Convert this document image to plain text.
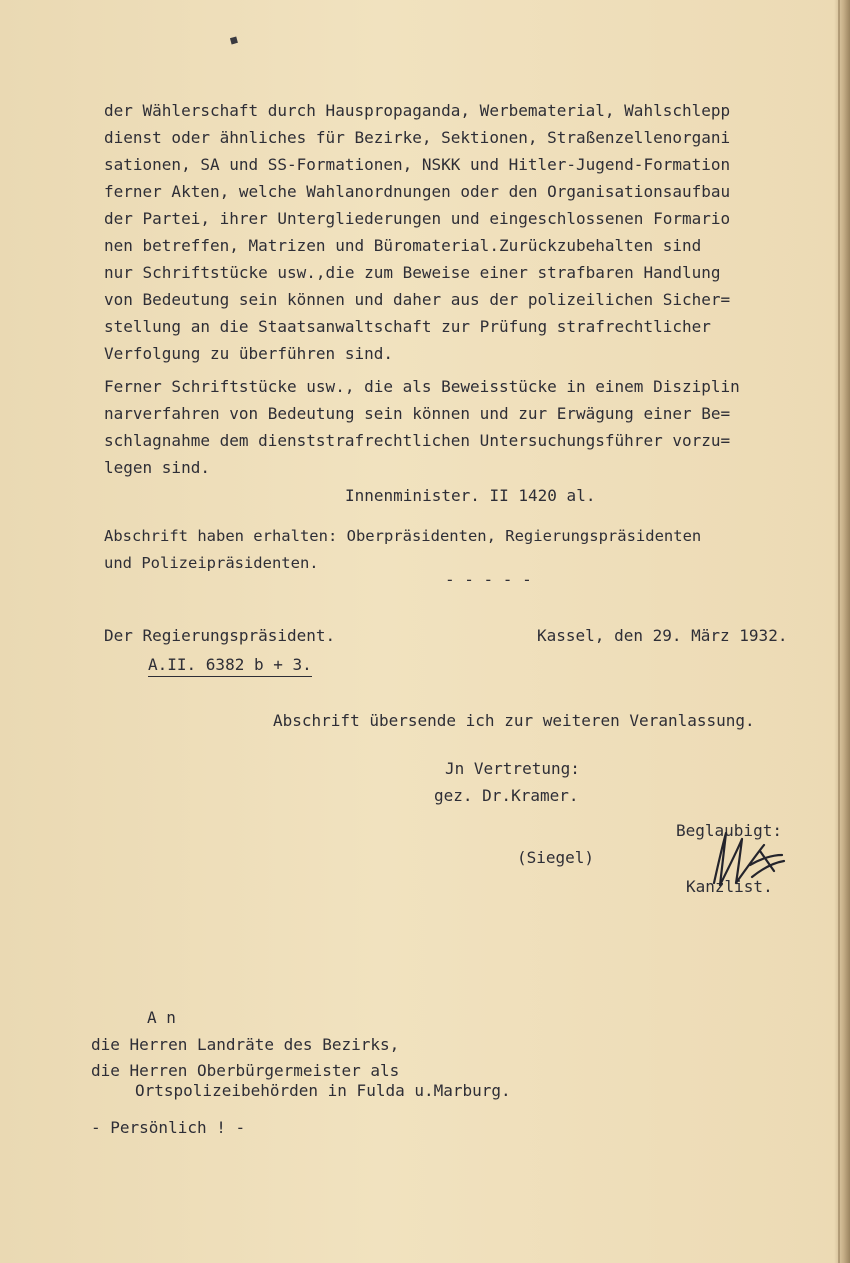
◆
der Wählerschaft durch Hauspropaganda, Werbematerial, Wahlschlepp
dienst oder ähnliches für Bezirke, Sektionen, Straßenzellenorgani
sationen, SA und SS-Formationen, NSKK und Hitler-Jugend-Formation
ferner Akten, welche Wahlanordnungen oder den Organisationsaufbau
der Partei, ihrer Untergliederungen und eingeschlossenen Formario
nen betreffen, Matrizen und Büromaterial.Zurückzubehalten sind
nur Schriftstücke usw.,die zum Beweise einer strafbaren Handlung
von Bedeutung sein können und daher aus der polizeilichen Sicher=
stellung an die Staatsanwaltschaft zur Prüfung strafrechtlicher
Verfolgung zu überführen sind.
Ferner Schriftstücke usw., die als Beweisstücke in einem Disziplin
narverfahren von Bedeutung sein können und zur Erwägung einer Be=
schlagnahme dem dienststrafrechtlichen Untersuchungsführer vorzu=
legen sind.
Innenminister. II 1420 al.
Abschrift haben erhalten: Oberpräsidenten, Regierungspräsidenten
und Polizeipräsidenten.
- - - - -
Der Regierungspräsident.	Kassel, den 29. März 1932.
A.II. 6382 b + 3.
Abschrift übersende ich zur weiteren Veranlassung.
Jn Vertretung:
gez. Dr.Kramer.
Beglaubigt:
(Siegel)
Kanzlist.
A n
die Herren Landräte des Bezirks,
die Herren Oberbürgermeister als
Ortspolizeibehörden in Fulda u.Marburg.
- Persönlich ! -
